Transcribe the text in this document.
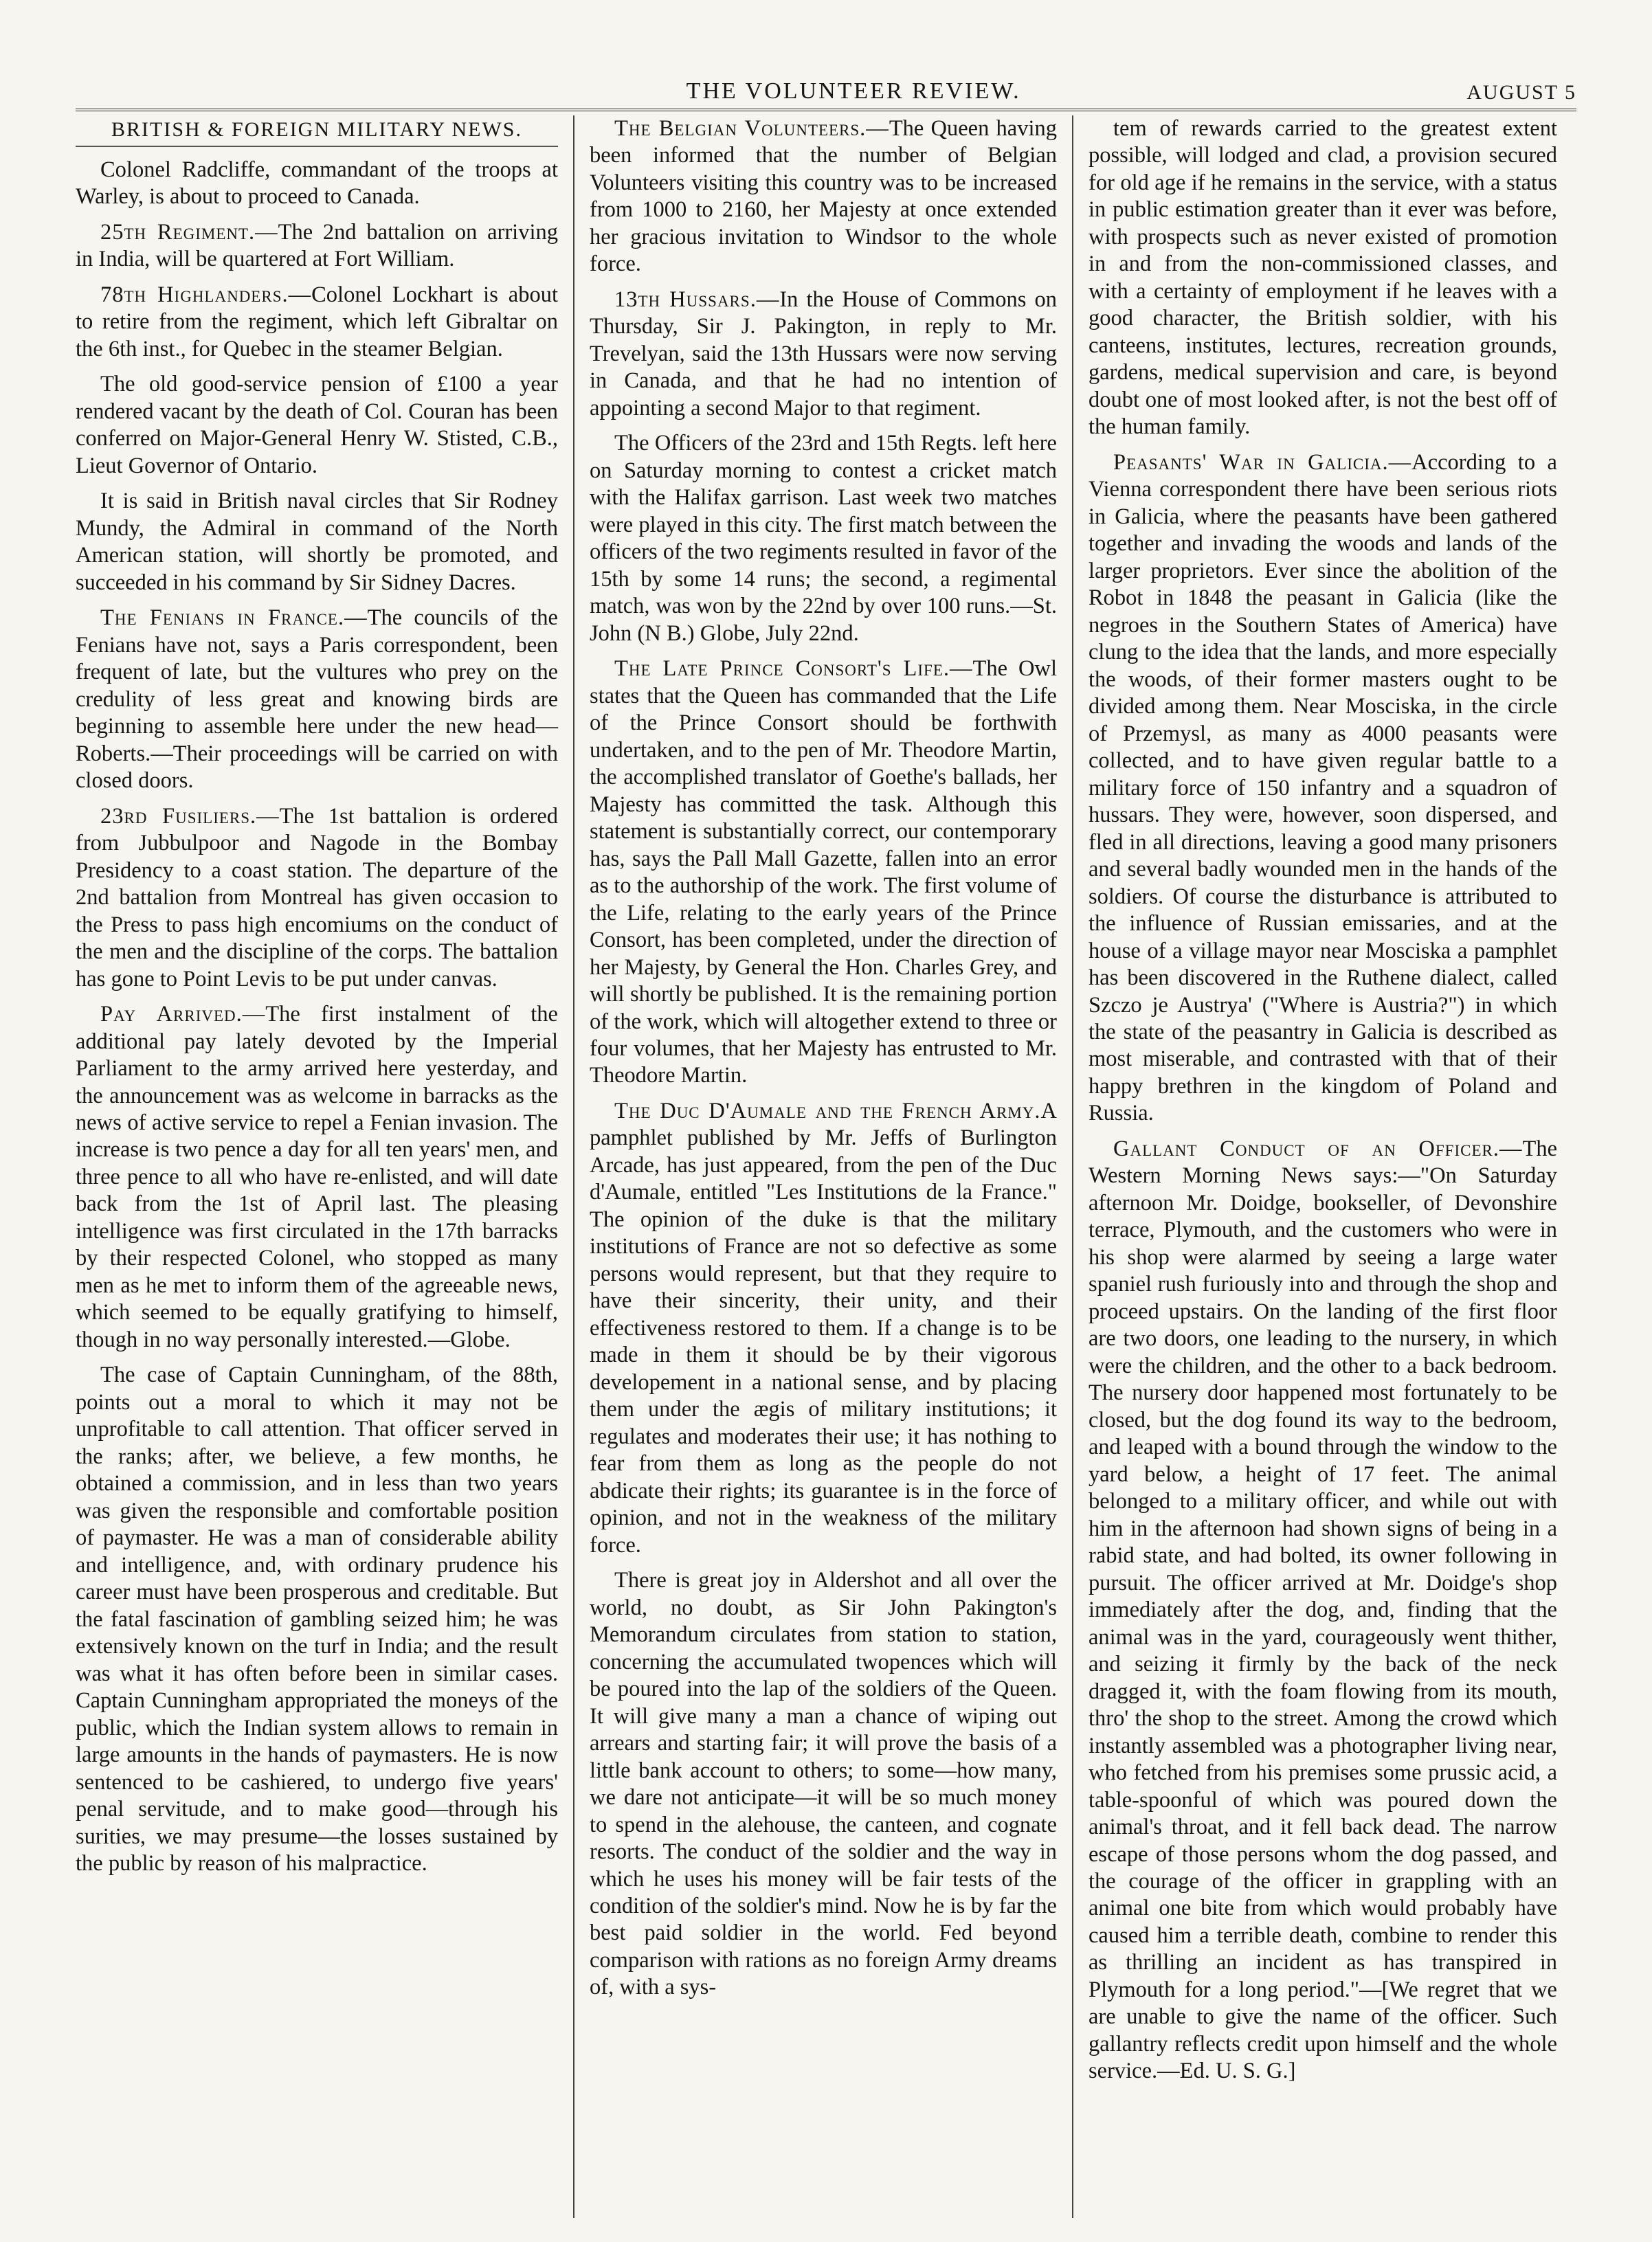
THE VOLUNTEER REVIEW.	AUGUST 5
BRITISH & FOREIGN MILITARY NEWS.

Colonel Radcliffe, commandant of the troops at Warley, is about to proceed to Canada.

25th Regiment.—The 2nd battalion on arriving in India, will be quartered at Fort William.

78th Highlanders.—Colonel Lockhart is about to retire from the regiment, which left Gibraltar on the 6th inst., for Quebec in the steamer Belgian.

The old good-service pension of £100 a year rendered vacant by the death of Col. Couran has been conferred on Major-General Henry W. Stisted, C.B., Lieut Governor of Ontario.

It is said in British naval circles that Sir Rodney Mundy, the Admiral in command of the North American station, will shortly be promoted, and succeeded in his command by Sir Sidney Dacres.

The Fenians in France.—The councils of the Fenians have not, says a Paris correspondent, been frequent of late, but the vultures who prey on the credulity of less great and knowing birds are beginning to assemble here under the new head—Roberts.—Their proceedings will be carried on with closed doors.

23rd Fusiliers.—The 1st battalion is ordered from Jubbulpoor and Nagode in the Bombay Presidency to a coast station. The departure of the 2nd battalion from Montreal has given occasion to the Press to pass high encomiums on the conduct of the men and the discipline of the corps. The battalion has gone to Point Levis to be put under canvas.

Pay Arrived.—The first instalment of the additional pay lately devoted by the Imperial Parliament to the army arrived here yesterday, and the announcement was as welcome in barracks as the news of active service to repel a Fenian invasion. The increase is two pence a day for all ten years' men, and three pence to all who have re-enlisted, and will date back from the 1st of April last. The pleasing intelligence was first circulated in the 17th barracks by their respected Colonel, who stopped as many men as he met to inform them of the agreeable news, which seemed to be equally gratifying to himself, though in no way personally interested.—Globe.

The case of Captain Cunningham, of the 88th, points out a moral to which it may not be unprofitable to call attention. That officer served in the ranks; after, we believe, a few months, he obtained a commission, and in less than two years was given the responsible and comfortable position of paymaster. He was a man of considerable ability and intelligence, and, with ordinary prudence his career must have been prosperous and creditable. But the fatal fascination of gambling seized him; he was extensively known on the turf in India; and the result was what it has often before been in similar cases. Captain Cunningham appropriated the moneys of the public, which the Indian system allows to remain in large amounts in the hands of paymasters. He is now sentenced to be cashiered, to undergo five years' penal servitude, and to make good—through his surities, we may presume—the losses sustained by the public by reason of his malpractice.

The Belgian Volunteers.—The Queen having been informed that the number of Belgian Volunteers visiting this country was to be increased from 1000 to 2160, her Majesty at once extended her gracious invitation to Windsor to the whole force.

13th Hussars.—In the House of Commons on Thursday, Sir J. Pakington, in reply to Mr. Trevelyan, said the 13th Hussars were now serving in Canada, and that he had no intention of appointing a second Major to that regiment.

The Officers of the 23rd and 15th Regts. left here on Saturday morning to contest a cricket match with the Halifax garrison. Last week two matches were played in this city. The first match between the officers of the two regiments resulted in favor of the 15th by some 14 runs; the second, a regimental match, was won by the 22nd by over 100 runs.—St. John (N B.) Globe, July 22nd.

The Late Prince Consort's Life.—The Owl states that the Queen has commanded that the Life of the Prince Consort should be forthwith undertaken, and to the pen of Mr. Theodore Martin, the accomplished translator of Goethe's ballads, her Majesty has committed the task. Although this statement is substantially correct, our contemporary has, says the Pall Mall Gazette, fallen into an error as to the authorship of the work. The first volume of the Life, relating to the early years of the Prince Consort, has been completed, under the direction of her Majesty, by General the Hon. Charles Grey, and will shortly be published. It is the remaining portion of the work, which will altogether extend to three or four volumes, that her Majesty has entrusted to Mr. Theodore Martin.

The Duc D'Aumale and the French Army.A pamphlet published by Mr. Jeffs of Burlington Arcade, has just appeared, from the pen of the Duc d'Aumale, entitled "Les Institutions de la France." The opinion of the duke is that the military institutions of France are not so defective as some persons would represent, but that they require to have their sincerity, their unity, and their effectiveness restored to them. If a change is to be made in them it should be by their vigorous developement in a national sense, and by placing them under the ægis of military institutions; it regulates and moderates their use; it has nothing to fear from them as long as the people do not abdicate their rights; its guarantee is in the force of opinion, and not in the weakness of the military force.

There is great joy in Aldershot and all over the world, no doubt, as Sir John Pakington's Memorandum circulates from station to station, concerning the accumulated twopences which will be poured into the lap of the soldiers of the Queen. It will give many a man a chance of wiping out arrears and starting fair; it will prove the basis of a little bank account to others; to some—how many, we dare not anticipate—it will be so much money to spend in the alehouse, the canteen, and cognate resorts. The conduct of the soldier and the way in which he uses his money will be fair tests of the condition of the soldier's mind. Now he is by far the best paid soldier in the world. Fed beyond comparison with rations as no foreign Army dreams of, with a sys-

tem of rewards carried to the greatest extent possible, will lodged and clad, a provision secured for old age if he remains in the service, with a status in public estimation greater than it ever was before, with prospects such as never existed of promotion in and from the non-commissioned classes, and with a certainty of employment if he leaves with a good character, the British soldier, with his canteens, institutes, lectures, recreation grounds, gardens, medical supervision and care, is beyond doubt one of most looked after, is not the best off of the human family.

Peasants' War in Galicia.—According to a Vienna correspondent there have been serious riots in Galicia, where the peasants have been gathered together and invading the woods and lands of the larger proprietors. Ever since the abolition of the Robot in 1848 the peasant in Galicia (like the negroes in the Southern States of America) have clung to the idea that the lands, and more especially the woods, of their former masters ought to be divided among them. Near Mosciska, in the circle of Przemysl, as many as 4000 peasants were collected, and to have given regular battle to a military force of 150 infantry and a squadron of hussars. They were, however, soon dispersed, and fled in all directions, leaving a good many prisoners and several badly wounded men in the hands of the soldiers. Of course the disturbance is attributed to the influence of Russian emissaries, and at the house of a village mayor near Mosciska a pamphlet has been discovered in the Ruthene dialect, called Szczo je Austrya' ("Where is Austria?") in which the state of the peasantry in Galicia is described as most miserable, and contrasted with that of their happy brethren in the kingdom of Poland and Russia.

Gallant Conduct of an Officer.—The Western Morning News says:—"On Saturday afternoon Mr. Doidge, bookseller, of Devonshire terrace, Plymouth, and the customers who were in his shop were alarmed by seeing a large water spaniel rush furiously into and through the shop and proceed upstairs. On the landing of the first floor are two doors, one leading to the nursery, in which were the children, and the other to a back bedroom. The nursery door happened most fortunately to be closed, but the dog found its way to the bedroom, and leaped with a bound through the window to the yard below, a height of 17 feet. The animal belonged to a military officer, and while out with him in the afternoon had shown signs of being in a rabid state, and had bolted, its owner following in pursuit. The officer arrived at Mr. Doidge's shop immediately after the dog, and, finding that the animal was in the yard, courageously went thither, and seizing it firmly by the back of the neck dragged it, with the foam flowing from its mouth, thro' the shop to the street. Among the crowd which instantly assembled was a photographer living near, who fetched from his premises some prussic acid, a table-spoonful of which was poured down the animal's throat, and it fell back dead. The narrow escape of those persons whom the dog passed, and the courage of the officer in grappling with an animal one bite from which would probably have caused him a terrible death, combine to render this as thrilling an incident as has transpired in Plymouth for a long period."—[We regret that we are unable to give the name of the officer. Such gallantry reflects credit upon himself and the whole service.—Ed. U. S. G.]
